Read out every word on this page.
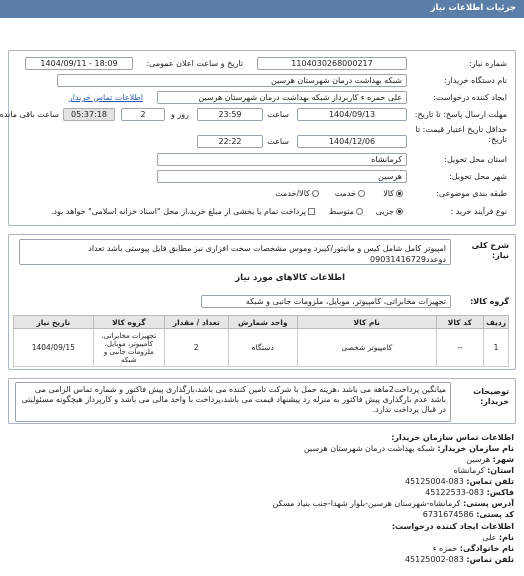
جزئیات اطلاعات نیاز
شماره نیاز:
1104030268000217
تاریخ و ساعت اعلان عمومی:
1404/09/11 - 18:09
نام دستگاه خریدار:
شبکه بهداشت درمان شهرستان هرسین
ایجاد کننده درخواست:
علی حمزه ء کاربرداز شبکه بهداشت درمان شهرستان هرسین
اطلاعات تماس خریدار
مهلت ارسال پاسخ: تا تاریخ:
1404/09/13
ساعت
23:59
2	روز و
05:37:18
ساعت باقی مانده
حداقل تاریخ اعتبار قیمت: تا تاریخ:
1404/12/06
ساعت
22:22
استان محل تحویل:
کرمانشاه
شهر محل تحویل:
هرسین
طبقه بندی موضوعی:
کالا
خدمت
کالا/خدمت
نوع فرآیند خرید :
جزیی
متوسط
پرداخت تمام یا بخشی از مبلغ خرید،از محل "اسناد خزانه اسلامی" خواهد بود.
شرح کلی نیاز:
امپیوتر کامل شامل کیس و مانیتور/کیبرد وموس مشخصات سخت افزاری نیز مطابق فایل پیوستی باشد تعداد دوعدد09031416729
اطلاعات کالاهای مورد نیاز
گروه کالا:
تجهیزات مخابراتی، کامپیوتر، موبایل، ملزومات جانبی و شبکه
ردیف	کد کالا	نام کالا	واحد شمارش	تعداد / مقدار	گروه کالا	تاریخ نیاز
1	--	کامپیوتر شخصی	دستگاه	2	تجهیزات مخابراتی، کامپیوتر، موبایل، ملزومات جانبی و شبکه	1404/09/15
توضیحات خریدار:
میانگین پرداخت2ماهه می باشد ،هزینه حمل با شرکت تامین کننده می باشد،بارگذاری پیش فاکتور و شماره تماس الزامی می باشد عدم بارگذاری پیش فاکتور به منزله رد پیشنهاد قیمت می باشد،پرداخت با واحد مالی می باشد و کارپرداز هیچگونه مسئولیتی در قبال پرداخت ندارد.
اطلاعات تماس سازمان خریدار:
نام سازمان خریدار: شبکه بهداشت درمان شهرستان هرسین
شهر: هرسین
استان: کرمانشاه
تلفن تماس: 083-45125004
فاکس: 083-45122533
آدرس پستی: کرمانشاه-شهرستان هرسین-بلوار شهدا-جنب بنیاد مسکن
کد پستی: 6731674586
اطلاعات ایجاد کننده درخواست:
نام: علی
نام خانوادگی: حمزه ء
تلفن تماس: 083-45125002
